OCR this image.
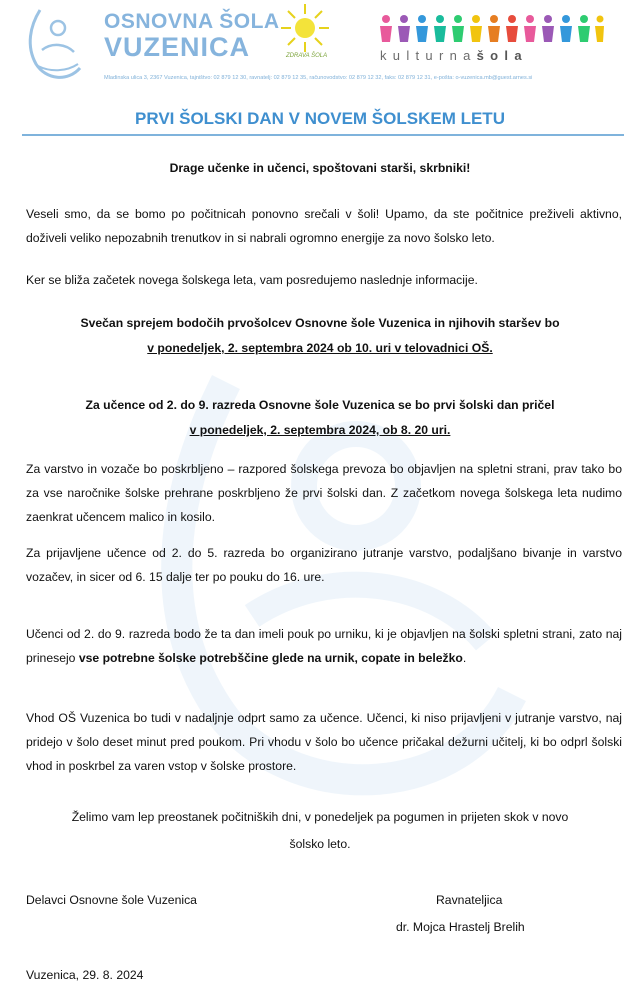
OSNOVNA ŠOLA
VUZENICA	ZDRAVA ŠOLA	kulturnašola
Mladinska ulica 3, 2367 Vuzenica, tajništvo: 02 879 12 30, ravnatelj: 02 879 12 35, računovodstvo: 02 879 12 32, faks: 02 879 12 31, e-pošta: o-vuzenica.mb@guest.arnes.si
PRVI ŠOLSKI DAN V NOVEM ŠOLSKEM LETU
Drage učenke in učenci, spoštovani starši, skrbniki!
Veseli smo, da se bomo po počitnicah ponovno srečali v šoli! Upamo, da ste počitnice preživeli aktivno, doživeli veliko nepozabnih trenutkov in si nabrali ogromno energije za novo šolsko leto.
Ker se bliža začetek novega šolskega leta, vam posredujemo naslednje informacije.
Svečan sprejem bodočih prvošolcev Osnovne šole Vuzenica in njihovih staršev bo
v ponedeljek, 2. septembra 2024 ob 10. uri v telovadnici OŠ.
Za učence od 2. do 9. razreda Osnovne šole Vuzenica se bo prvi šolski dan pričel
v ponedeljek, 2. septembra 2024, ob 8. 20 uri.
Za varstvo in vozače bo poskrbljeno – razpored šolskega prevoza bo objavljen na spletni strani, prav tako bo za vse naročnike šolske prehrane poskrbljeno že prvi šolski dan. Z začetkom novega šolskega leta nudimo zaenkrat učencem malico in kosilo.
Za prijavljene učence od 2. do 5. razreda bo organizirano jutranje varstvo, podaljšano bivanje in varstvo vozačev, in sicer od 6. 15 dalje ter po pouku do 16. ure.
Učenci od 2. do 9. razreda bodo že ta dan imeli pouk po urniku, ki je objavljen na šolski spletni strani, zato naj prinesejo vse potrebne šolske potrebščine glede na urnik, copate in beležko.
Vhod OŠ Vuzenica bo tudi v nadaljnje odprt samo za učence. Učenci, ki niso prijavljeni v jutranje varstvo, naj pridejo v šolo deset minut pred poukom. Pri vhodu v šolo bo učence pričakal dežurni učitelj, ki bo odprl šolski vhod in poskrbel za varen vstop v šolske prostore.
Želimo vam lep preostanek počitniških dni, v ponedeljek pa pogumen in prijeten skok v novo
šolsko leto.
Delavci Osnovne šole Vuzenica	Ravnateljica
dr. Mojca Hrastelj Brelih
Vuzenica, 29. 8. 2024
